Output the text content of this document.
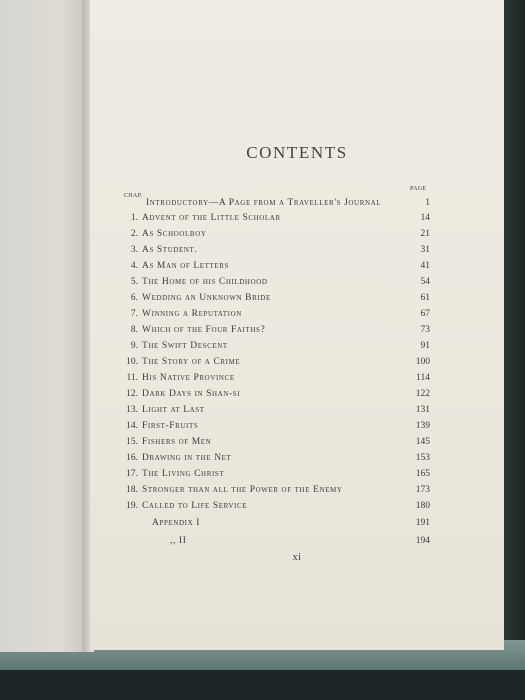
CONTENTS
PAGE
CHAP.
Introductory—A Page from a Traveller's Journal	1
1. Advent of the Little Scholar	14
2. As Schoolboy	21
3. As Student.	31
4. As Man of Letters	41
5. The Home of his Childhood	54
6. Wedding an Unknown Bride	61
7. Winning a Reputation	67
8. Which of the Four Faiths?	73
9. The Swift Descent	91
10. The Story of a Crime	100
11. His Native Province	114
12. Dark Days in Shan-si	122
13. Light at Last	131
14. First-Fruits	139
15. Fishers of Men	145
16. Drawing in the Net	153
17. The Living Christ	165
18. Stronger than all the Power of the Enemy	173
19. Called to Life Service	180
Appendix I	191
,, II	194
xi
